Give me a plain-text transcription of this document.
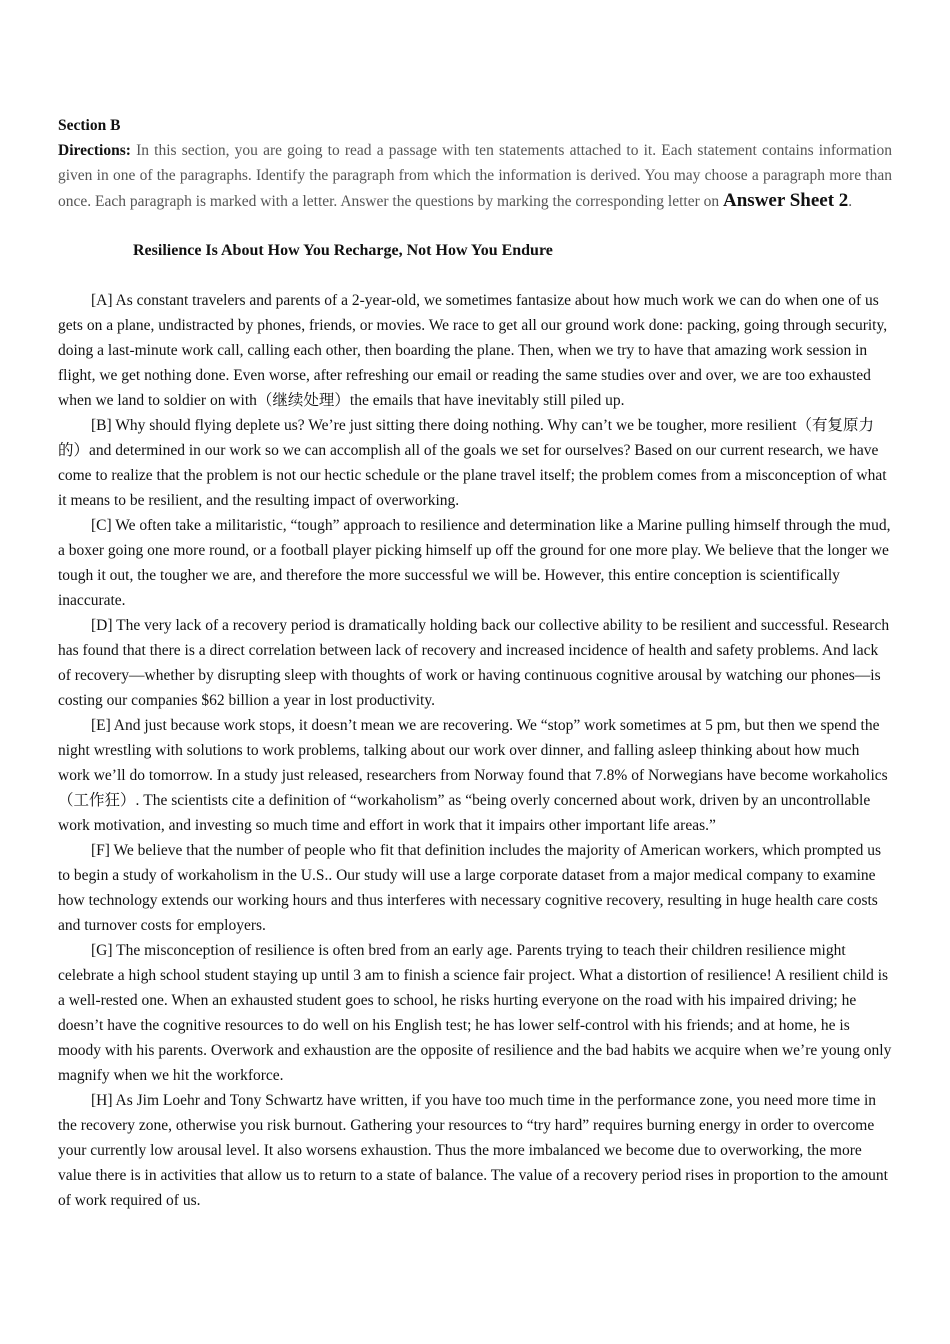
Section B

Directions: In this section, you are going to read a passage with ten statements attached to it. Each statement contains information given in one of the paragraphs. Identify the paragraph from which the information is derived. You may choose a paragraph more than once. Each paragraph is marked with a letter. Answer the questions by marking the corresponding letter on Answer Sheet 2.

Resilience Is About How You Recharge, Not How You Endure

[A] As constant travelers and parents of a 2-year-old, we sometimes fantasize about how much work we can do when one of us gets on a plane, undistracted by phones, friends, or movies. We race to get all our ground work done: packing, going through security, doing a last-minute work call, calling each other, then boarding the plane. Then, when we try to have that amazing work session in flight, we get nothing done. Even worse, after refreshing our email or reading the same studies over and over, we are too exhausted when we land to soldier on with（继续处理）the emails that have inevitably still piled up.

[B] Why should flying deplete us? We’re just sitting there doing nothing. Why can’t we be tougher, more resilient（有复原力的）and determined in our work so we can accomplish all of the goals we set for ourselves? Based on our current research, we have come to realize that the problem is not our hectic schedule or the plane travel itself; the problem comes from a misconception of what it means to be resilient, and the resulting impact of overworking.

[C] We often take a militaristic, “tough” approach to resilience and determination like a Marine pulling himself through the mud, a boxer going one more round, or a football player picking himself up off the ground for one more play. We believe that the longer we tough it out, the tougher we are, and therefore the more successful we will be. However, this entire conception is scientifically inaccurate.

[D] The very lack of a recovery period is dramatically holding back our collective ability to be resilient and successful. Research has found that there is a direct correlation between lack of recovery and increased incidence of health and safety problems. And lack of recovery—whether by disrupting sleep with thoughts of work or having continuous cognitive arousal by watching our phones—is costing our companies $62 billion a year in lost productivity.

[E] And just because work stops, it doesn’t mean we are recovering. We “stop” work sometimes at 5 pm, but then we spend the night wrestling with solutions to work problems, talking about our work over dinner, and falling asleep thinking about how much work we’ll do tomorrow. In a study just released, researchers from Norway found that 7.8% of Norwegians have become workaholics（工作狂）. The scientists cite a definition of “workaholism” as “being overly concerned about work, driven by an uncontrollable work motivation, and investing so much time and effort in work that it impairs other important life areas.”

[F] We believe that the number of people who fit that definition includes the majority of American workers, which prompted us to begin a study of workaholism in the U.S.. Our study will use a large corporate dataset from a major medical company to examine how technology extends our working hours and thus interferes with necessary cognitive recovery, resulting in huge health care costs and turnover costs for employers.

[G] The misconception of resilience is often bred from an early age. Parents trying to teach their children resilience might celebrate a high school student staying up until 3 am to finish a science fair project. What a distortion of resilience! A resilient child is a well-rested one. When an exhausted student goes to school, he risks hurting everyone on the road with his impaired driving; he doesn’t have the cognitive resources to do well on his English test; he has lower self-control with his friends; and at home, he is moody with his parents. Overwork and exhaustion are the opposite of resilience and the bad habits we acquire when we’re young only magnify when we hit the workforce.

[H] As Jim Loehr and Tony Schwartz have written, if you have too much time in the performance zone, you need more time in the recovery zone, otherwise you risk burnout. Gathering your resources to “try hard” requires burning energy in order to overcome your currently low arousal level. It also worsens exhaustion. Thus the more imbalanced we become due to overworking, the more value there is in activities that allow us to return to a state of balance. The value of a recovery period rises in proportion to the amount of work required of us.
